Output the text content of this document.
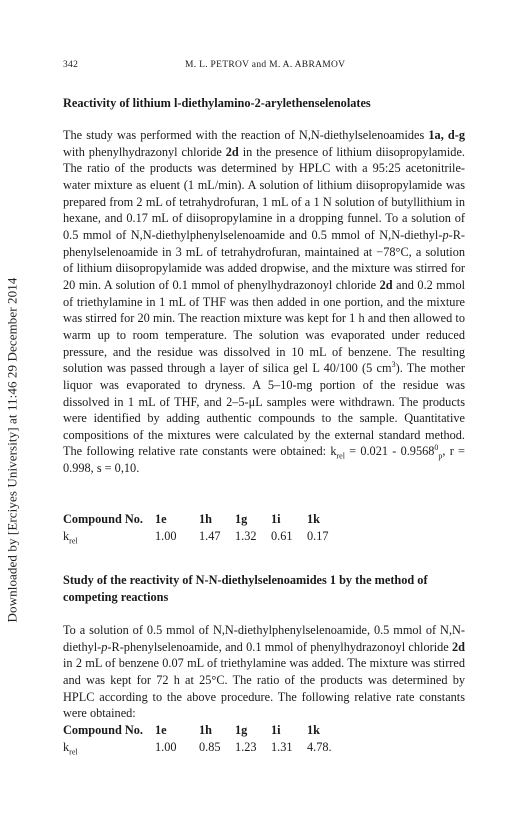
Downloaded by [Erciyes University] at 11:46 29 December 2014
342	M. L. PETROV and M. A. ABRAMOV
Reactivity of lithium l-diethylamino-2-arylethenselenolates

The study was performed with the reaction of N,N-diethylselenoamides 1a, d-g with phenylhydrazonyl chloride 2d in the presence of lithium diisopropylamide. The ratio of the products was determined by HPLC with a 95:25 acetonitrile-water mixture as eluent (1 mL/min). A solution of lithium diisopropylamide was prepared from 2 mL of tetrahydrofuran, 1 mL of a 1 N solution of butyllithium in hexane, and 0.17 mL of diisopropylamine in a dropping funnel. To a solution of 0.5 mmol of N,N-diethylphenylselenoamide and 0.5 mmol of N,N-diethyl-p-R-phenylselenoamide in 3 mL of tetrahydrofuran, maintained at −78°C, a solution of lithium diisopropylamide was added dropwise, and the mixture was stirred for 20 min. A solution of 0.1 mmol of phenylhydrazonoyl chloride 2d and 0.2 mmol of triethylamine in 1 mL of THF was then added in one portion, and the mixture was stirred for 20 min. The reaction mixture was kept for 1 h and then allowed to warm up to room temperature. The solution was evaporated under reduced pressure, and the residue was dissolved in 10 mL of benzene. The resulting solution was passed through a layer of silica gel L 40/100 (5 $cm^3$). The mother liquor was evaporated to dryness. A 5–10-mg portion of the residue was dissolved in 1 mL of THF, and 2–5-μL samples were withdrawn. The products were identified by adding authentic compounds to the sample. Quantitative compositions of the mixtures were calculated by the external standard method. The following relative rate constants were obtained: $k_{rel} = 0.021 - 0.9568^0_p$, r = 0.998, s = 0,10.

Compound No.	1e	1h	1g	1i	1k
$k_{rel}$	1.00	1.47	1.32	0.61	0.17
Study of the reactivity of N-N-diethylselenoamides 1 by the method of competing reactions

To a solution of 0.5 mmol of N,N-diethylphenylselenoamide, 0.5 mmol of N,N-diethyl-p-R-phenylselenoamide, and 0.1 mmol of phenylhydrazonoyl chloride 2d in 2 mL of benzene 0.07 mL of triethylamine was added. The mixture was stirred and was kept for 72 h at 25°C. The ratio of the products was determined by HPLC according to the above procedure. The following relative rate constants were obtained:

Compound No.	1e	1h	1g	1i	1k
$k_{rel}$	1.00	0.85	1.23	1.31	4.78.
